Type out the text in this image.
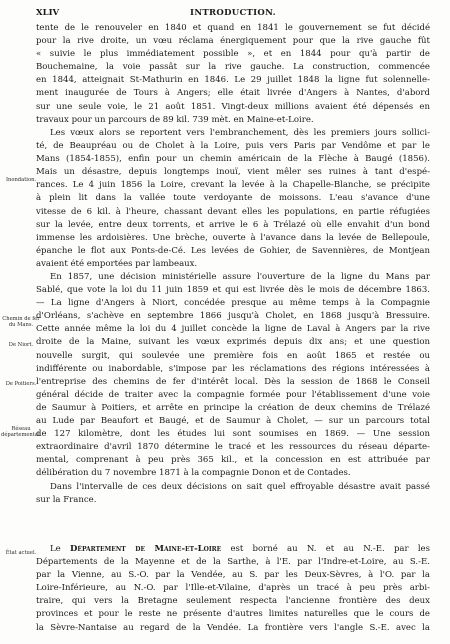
XLIV	INTRODUCTION.
Inondation.
Chemin de fer du Mans.
De Niort.
De Poitiers.
Réseau
départemental.
État actuel.
tente de le renouveler en 1840 et quand en 1841 le gouvernement se fut décidé
pour la rive droite, un vœu réclama énergiquement pour que la rive gauche fût
« suivie le plus immédiatement possible », et en 1844 pour qu'à partir de
Bouchemaine, la voie passât sur la rive gauche. La construction, commencée
en 1844, atteignait St-Mathurin en 1846. Le 29 juillet 1848 la ligne fut solennelle-
ment inaugurée de Tours à Angers; elle était livrée d'Angers à Nantes, d'abord
sur une seule voie, le 21 août 1851. Vingt-deux millions avaient été dépensés en
travaux pour un parcours de 89 kil. 739 mèt. en Maine-et-Loire.
Les vœux alors se reportent vers l'embranchement, dès les premiers jours sollici-
té, de Beaupréau ou de Cholet à la Loire, puis vers Paris par Vendôme et par le
Mans (1854-1855), enfin pour un chemin américain de la Flèche à Baugé (1856).
Mais un désastre, depuis longtemps inouï, vient mêler ses ruines à tant d'espé-
rances. Le 4 juin 1856 la Loire, crevant la levée à la Chapelle-Blanche, se précipite
à plein lit dans la vallée toute verdoyante de moissons. L'eau s'avance d'une
vitesse de 6 kil. à l'heure, chassant devant elles les populations, en partie réfugiées
sur la levée, entre deux torrents, et arrive le 6 à Trélazé où elle envahit d'un bond
immense les ardoisières. Une brèche, ouverte à l'avance dans la levée de Bellepoule,
épanche le flot aux Ponts-de-Cé. Les levées de Gohier, de Savennières, de Montjean
avaient été emportées par lambeaux.
En 1857, une décision ministérielle assure l'ouverture de la ligne du Mans par
Sablé, que vote la loi du 11 juin 1859 et qui est livrée dès le mois de décembre 1863.
— La ligne d'Angers à Niort, concédée presque au même temps à la Compagnie
d'Orléans, s'achève en septembre 1866 jusqu'à Cholet, en 1868 jusqu'à Bressuire.
Cette année même la loi du 4 juillet concède la ligne de Laval à Angers par la rive
droite de la Maine, suivant les vœux exprimés depuis dix ans; et une question
nouvelle surgit, qui soulevée une première fois en août 1865 et restée ou
indifférente ou inabordable, s'impose par les réclamations des régions intéressées à
l'entreprise des chemins de fer d'intérêt local. Dès la session de 1868 le Conseil
général décide de traiter avec la compagnie formée pour l'établissement d'une voie
de Saumur à Poitiers, et arrête en principe la création de deux chemins de Trélazé
au Lude par Beaufort et Baugé, et de Saumur à Cholet, — sur un parcours total
de 127 kilomètre, dont les études lui sont soumises en 1869. — Une session
extraordinaire d'avril 1870 détermine le tracé et les ressources du réseau départe-
mental, comprenant à peu près 365 kil., et la concession en est attribuée par
délibération du 7 novembre 1871 à la compagnie Donon et de Contades.
Dans l'intervalle de ces deux décisions on sait quel effroyable désastre avait passé
sur la France.
Le Département de Maine-et-Loire est borné au N. et au N.-E. par les
Départements de la Mayenne et de la Sarthe, à l'E. par l'Indre-et-Loire, au S.-E.
par la Vienne, au S.-O. par la Vendée, au S. par les Deux-Sèvres, à l'O. par la
Loire-Inférieure, au N.-O. par l'Ille-et-Vilaine, d'après un tracé à peu près arbi-
traire, qui vers la Bretagne seulement respecta l'ancienne frontière des deux
provinces et pour le reste ne présente d'autres limites naturelles que le cours de
la Sèvre-Nantaise au regard de la Vendée. La frontière vers l'angle S.-E. avec la
